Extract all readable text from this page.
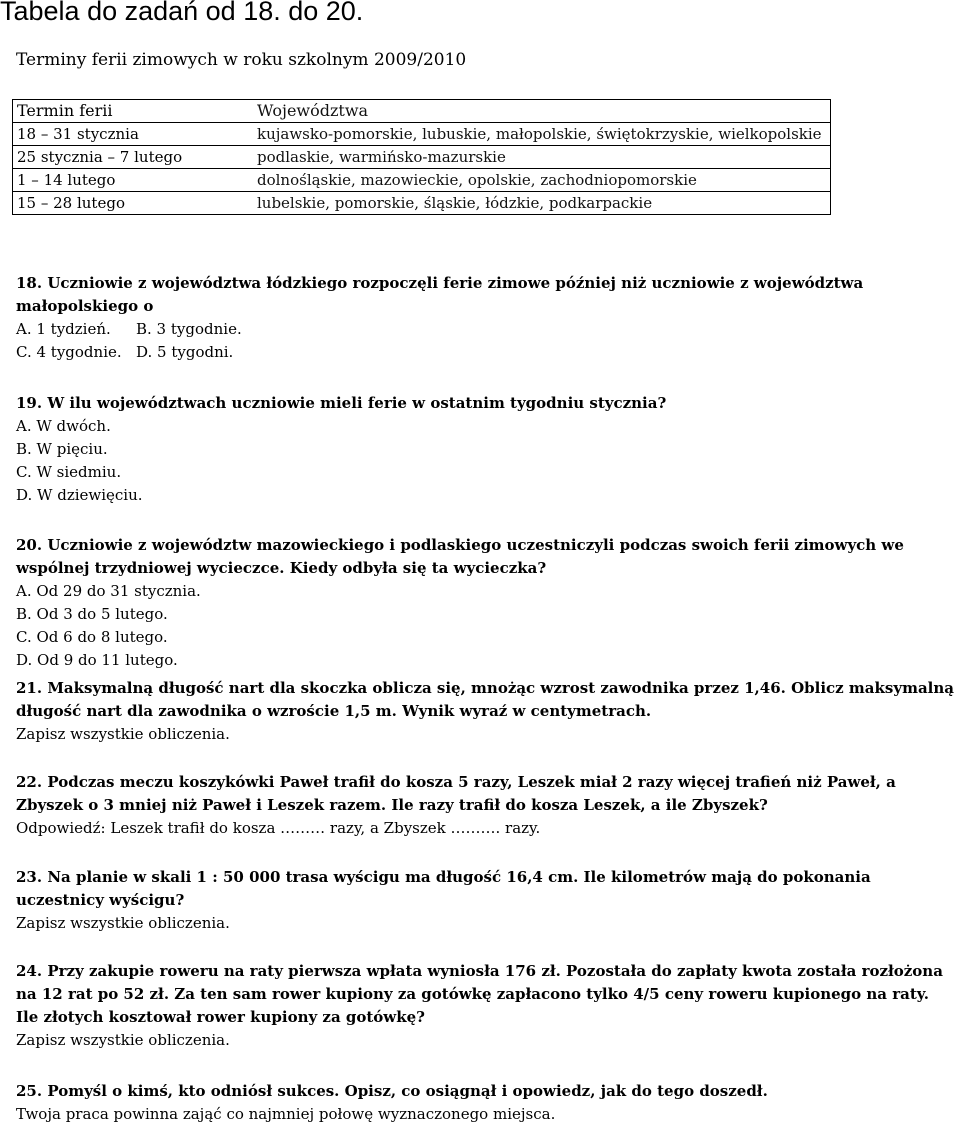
Tabela do zadań od 18. do 20.
Terminy ferii zimowych w roku szkolnym 2009/2010
Termin ferii	Województwa
18 – 31 stycznia	kujawsko-pomorskie, lubuskie, małopolskie, świętokrzyskie, wielkopolskie
25 stycznia – 7 lutego	podlaskie, warmińsko-mazurskie
1 – 14 lutego	dolnośląskie, mazowieckie, opolskie, zachodniopomorskie
15 – 28 lutego	lubelskie, pomorskie, śląskie, łódzkie, podkarpackie
18. Uczniowie z województwa łódzkiego rozpoczęli ferie zimowe później niż uczniowie z województwa małopolskiego o
A. 1 tydzień.	B. 3 tygodnie.
C. 4 tygodnie. D. 5 tygodni.
19. W ilu województwach uczniowie mieli ferie w ostatnim tygodniu stycznia?
A. W dwóch.
B. W pięciu.
C. W siedmiu.
D. W dziewięciu.
20. Uczniowie z województw mazowieckiego i podlaskiego uczestniczyli podczas swoich ferii zimowych we wspólnej trzydniowej wycieczce. Kiedy odbyła się ta wycieczka?
A. Od 29 do 31 stycznia.
B. Od 3 do 5 lutego.
C. Od 6 do 8 lutego.
D. Od 9 do 11 lutego.
21. Maksymalną długość nart dla skoczka oblicza się, mnożąc wzrost zawodnika przez 1,46. Oblicz maksymalną długość nart dla zawodnika o wzroście 1,5 m. Wynik wyraź w centymetrach.
Zapisz wszystkie obliczenia.
22. Podczas meczu koszykówki Paweł trafił do kosza 5 razy, Leszek miał 2 razy więcej trafień niż Paweł, a Zbyszek o 3 mniej niż Paweł i Leszek razem. Ile razy trafił do kosza Leszek, a ile Zbyszek?
Odpowiedź: Leszek trafił do kosza ……… razy, a Zbyszek ………. razy.
23. Na planie w skali 1 : 50 000 trasa wyścigu ma długość 16,4 cm. Ile kilometrów mają do pokonania uczestnicy wyścigu?
Zapisz wszystkie obliczenia.
24. Przy zakupie roweru na raty pierwsza wpłata wyniosła 176 zł. Pozostała do zapłaty kwota została rozłożona na 12 rat po 52 zł. Za ten sam rower kupiony za gotówkę zapłacono tylko 4/5 ceny roweru kupionego na raty. Ile złotych kosztował rower kupiony za gotówkę?
Zapisz wszystkie obliczenia.
25. Pomyśl o kimś, kto odniósł sukces. Opisz, co osiągnął i opowiedz, jak do tego doszedł.
Twoja praca powinna zająć co najmniej połowę wyznaczonego miejsca.
